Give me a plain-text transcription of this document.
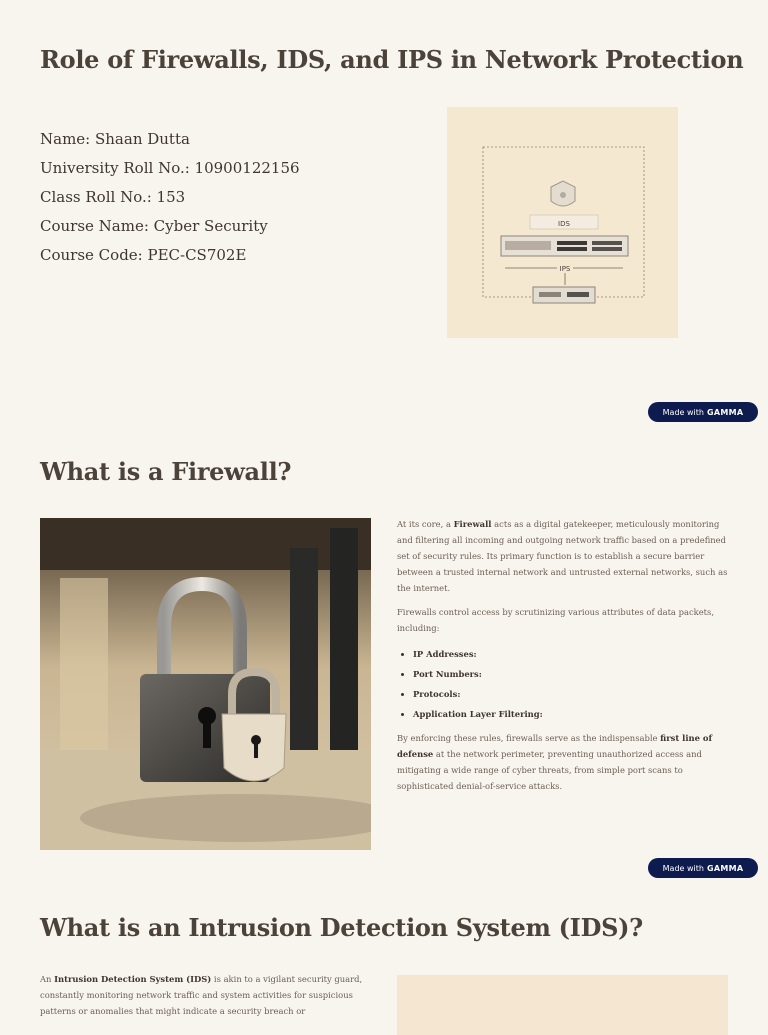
Role of Firewalls, IDS, and IPS in Network Protection
Name: Shaan Dutta
University Roll No.: 10900122156
Class Roll No.: 153
Course Name: Cyber Security
Course Code: PEC-CS702E
IDS
IPS
Made with GAMMA
What is a Firewall?

At its core, a Firewall acts as a digital gatekeeper, meticulously monitoring and filtering all incoming and outgoing network traffic based on a predefined set of security rules. Its primary function is to establish a secure barrier between a trusted internal network and untrusted external networks, such as the internet.

Firewalls control access by scrutinizing various attributes of data packets, including:

• IP Addresses:
• Port Numbers:
• Protocols:
• Application Layer Filtering:

By enforcing these rules, firewalls serve as the indispensable first line of defense at the network perimeter, preventing unauthorized access and mitigating a wide range of cyber threats, from simple port scans to sophisticated denial-of-service attacks.

Made with GAMMA
What is an Intrusion Detection System (IDS)?
An Intrusion Detection System (IDS) is akin to a vigilant security guard, constantly monitoring network traffic and system activities for suspicious patterns or anomalies that might indicate a security breach or
